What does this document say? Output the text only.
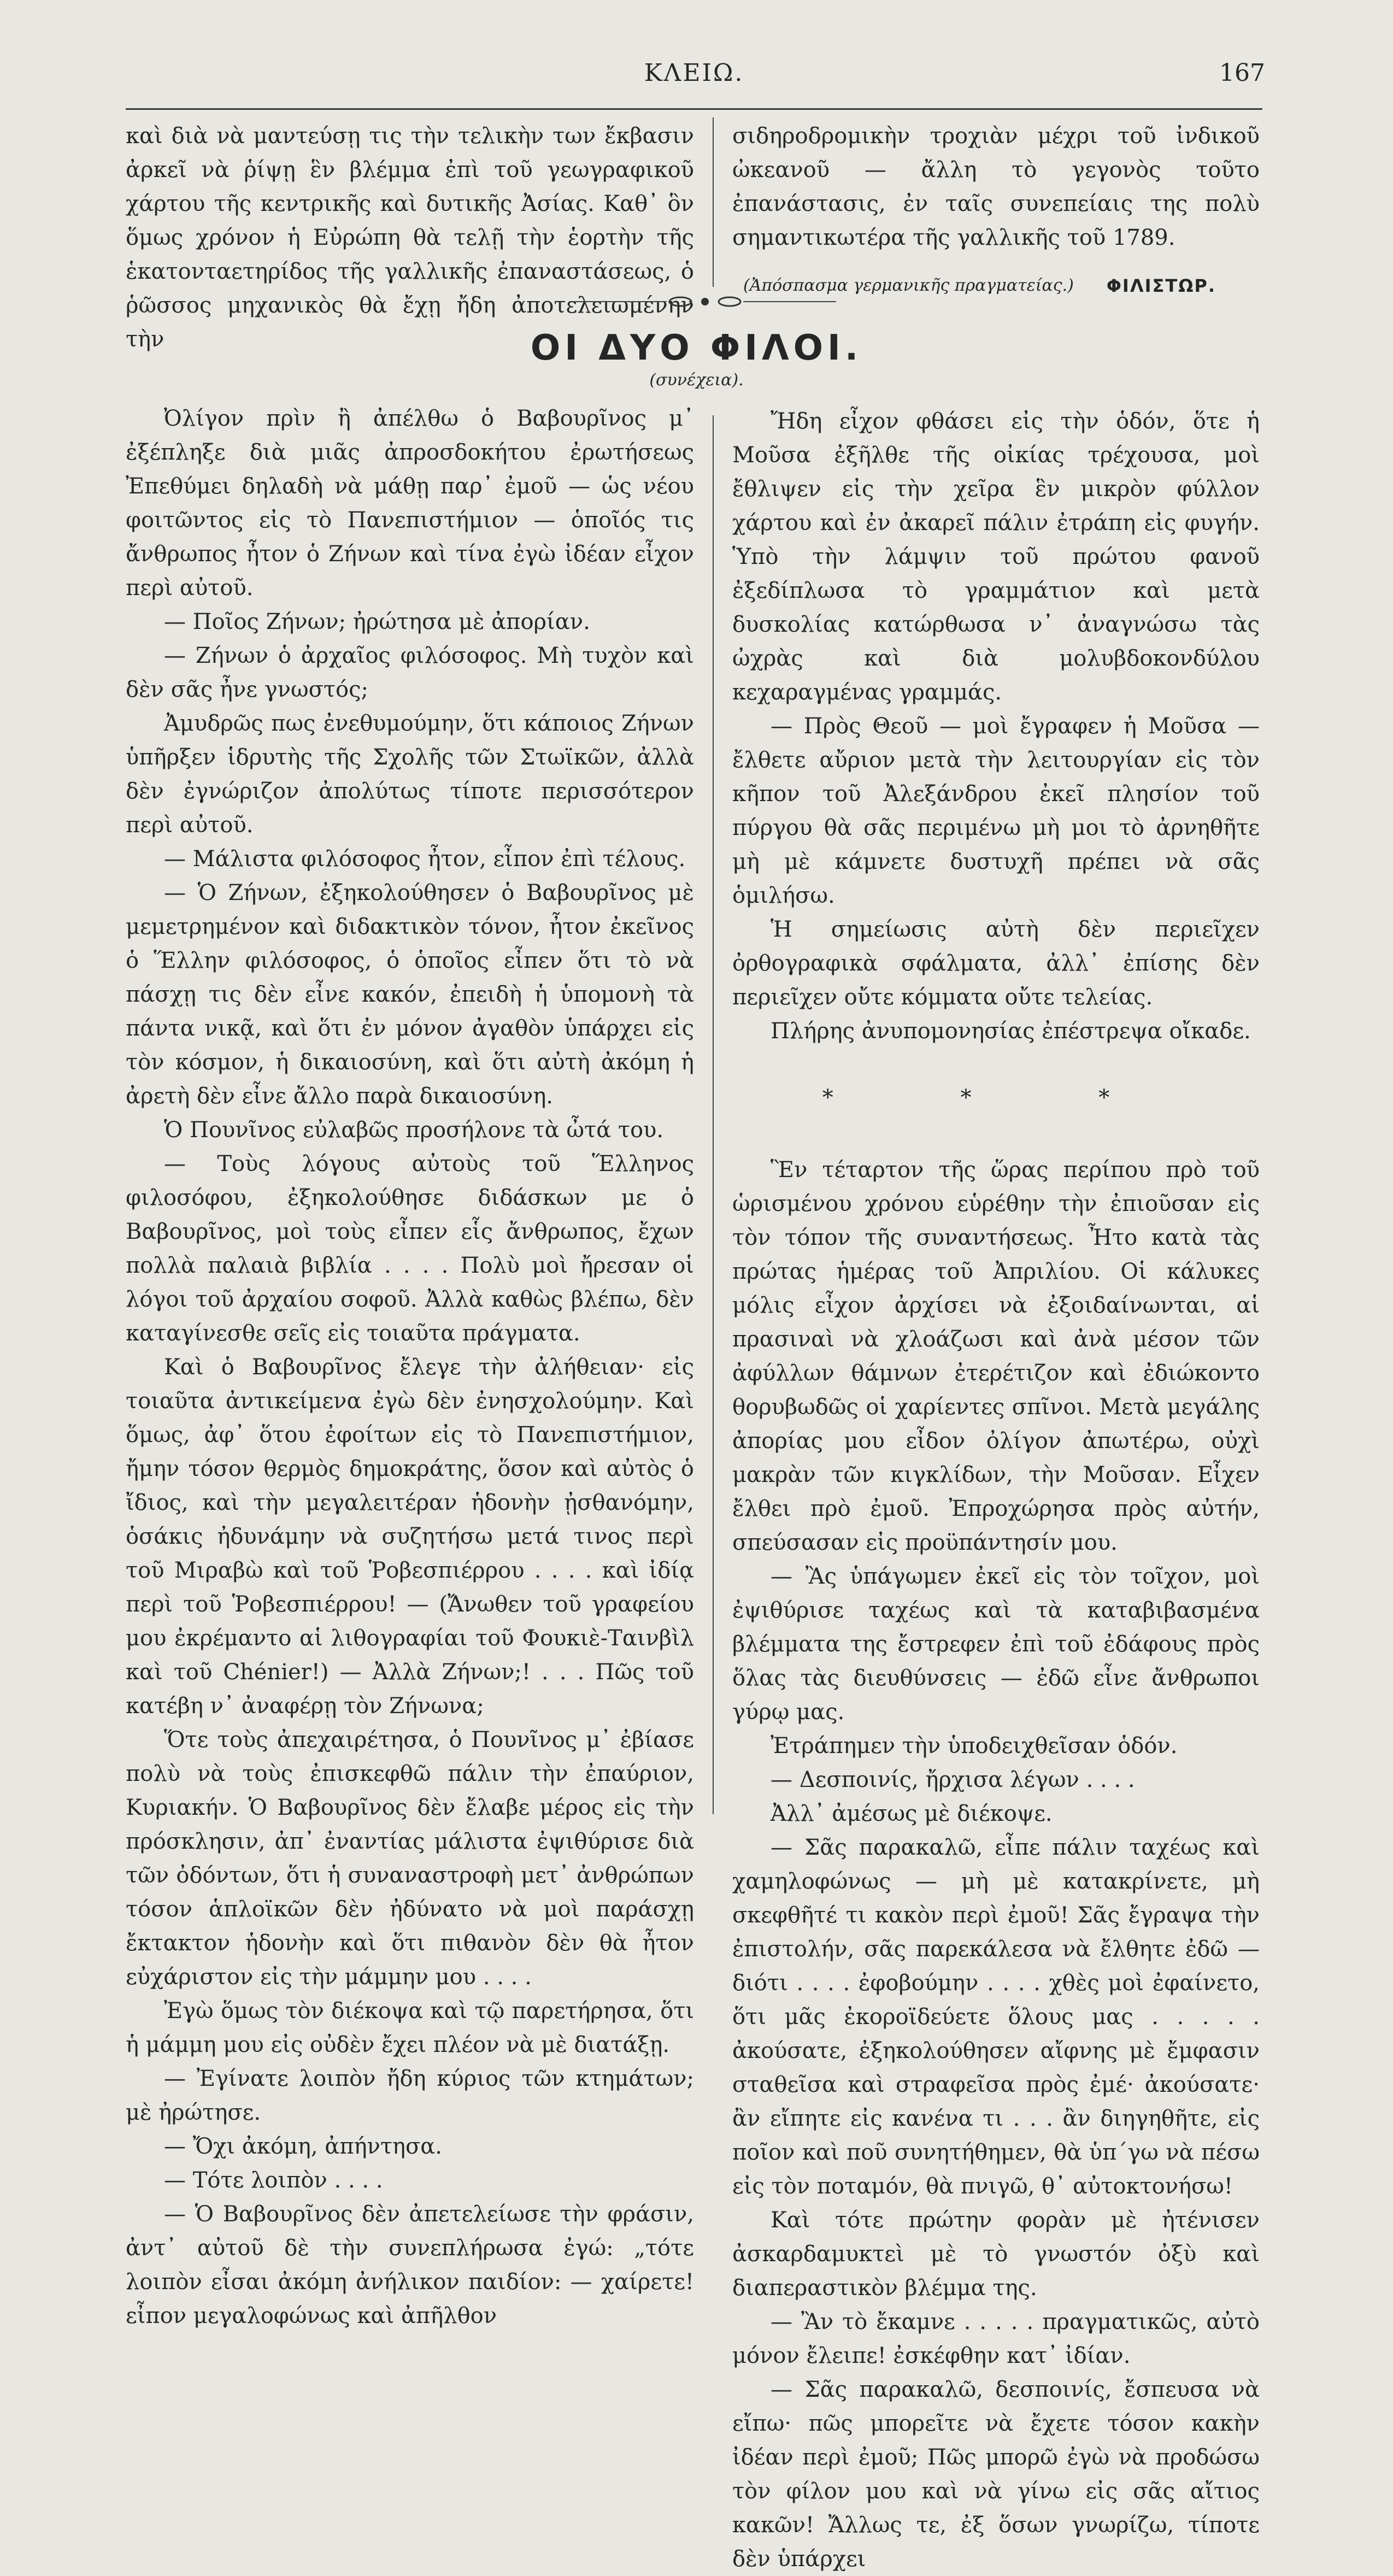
ΚΛΕΙΩ.	167

καὶ διὰ νὰ μαντεύσῃ τις τὴν τελικὴν των ἔκβασιν ἀρκεῖ νὰ ῥίψῃ ἓν βλέμμα ἐπὶ τοῦ γεωγραφικοῦ χάρτου τῆς κεντρικῆς καὶ δυτικῆς Ἀσίας. Καθ᾽ ὃν ὅμως χρόνον ἡ Εὐρώπη θὰ τελῇ τὴν ἑορτὴν τῆς ἑκατονταετηρίδος τῆς γαλλικῆς ἐπαναστάσεως, ὁ ῥῶσσος μηχανικὸς θὰ ἔχῃ ἤδη ἀποτελειωμένην τὴν

σιδηροδρομικὴν τροχιὰν μέχρι τοῦ ἰνδικοῦ ὠκεανοῦ — ἄλλη τὸ γεγονὸς τοῦτο ἐπανάστασις, ἐν ταῖς συνεπείαις της πολὺ σημαντικωτέρα τῆς γαλλικῆς τοῦ 1789.

(Ἀπόσπασμα γερμανικῆς πραγματείας.) ΦΙΛΙΣΤΩΡ.
ΟΙ ΔΥΟ ΦΙΛΟΙ.
(συνέχεια).

Ὀλίγον πρὶν ἢ ἀπέλθω ὁ Βαβουρῖνος μ᾽ ἐξέπληξε διὰ μιᾶς ἀπροσδοκήτου ἐρωτήσεως Ἐπεθύμει δηλαδὴ νὰ μάθῃ παρ᾽ ἐμοῦ — ὡς νέου φοιτῶντος εἰς τὸ Πανεπιστήμιον — ὁποῖός τις ἄνθρωπος ἦτον ὁ Ζήνων καὶ τίνα ἐγὼ ἰδέαν εἶχον περὶ αὐτοῦ.

— Ποῖος Ζήνων; ἠρώτησα μὲ ἀπορίαν.

— Ζήνων ὁ ἀρχαῖος φιλόσοφος. Μὴ τυχὸν καὶ δὲν σᾶς ἦνε γνωστός;

Ἀμυδρῶς πως ἐνεθυμούμην, ὅτι κάποιος Ζήνων ὑπῆρξεν ἱδρυτὴς τῆς Σχολῆς τῶν Στωϊκῶν, ἀλλὰ δὲν ἐγνώριζον ἀπολύτως τίποτε περισσότερον περὶ αὐτοῦ.

— Μάλιστα φιλόσοφος ἦτον, εἶπον ἐπὶ τέλους.

— Ὁ Ζήνων, ἐξηκολούθησεν ὁ Βαβουρῖνος μὲ μεμετρημένον καὶ διδακτικὸν τόνον, ἦτον ἐκεῖνος ὁ Ἕλλην φιλόσοφος, ὁ ὁποῖος εἶπεν ὅτι τὸ νὰ πάσχῃ τις δὲν εἶνε κακόν, ἐπειδὴ ἡ ὑπομονὴ τὰ πάντα νικᾷ, καὶ ὅτι ἐν μόνον ἀγαθὸν ὑπάρχει εἰς τὸν κόσμον, ἡ δικαιοσύνη, καὶ ὅτι αὐτὴ ἀκόμη ἡ ἀρετὴ δὲν εἶνε ἄλλο παρὰ δικαιοσύνη.

Ὁ Πουνῖνος εὐλαβῶς προσήλονε τὰ ὦτά του.

— Τοὺς λόγους αὐτοὺς τοῦ Ἕλληνος φιλοσόφου, ἐξηκολούθησε διδάσκων με ὁ Βαβουρῖνος, μοὶ τοὺς εἶπεν εἷς ἄνθρωπος, ἔχων πολλὰ παλαιὰ βιβλία . . . . Πολὺ μοὶ ἤρεσαν οἱ λόγοι τοῦ ἀρχαίου σοφοῦ. Ἀλλὰ καθὼς βλέπω, δὲν καταγίνεσθε σεῖς εἰς τοιαῦτα πράγματα.

Καὶ ὁ Βαβουρῖνος ἔλεγε τὴν ἀλήθειαν· εἰς τοιαῦτα ἀντικείμενα ἐγὼ δὲν ἐνησχολούμην. Καὶ ὅμως, ἀφ᾽ ὅτου ἐφοίτων εἰς τὸ Πανεπιστήμιον, ἤμην τόσον θερμὸς δημοκράτης, ὅσον καὶ αὐτὸς ὁ ἴδιος, καὶ τὴν μεγαλειτέραν ἡδονὴν ᾐσθανόμην, ὁσάκις ἠδυνάμην νὰ συζητήσω μετά τινος περὶ τοῦ Μιραβὼ καὶ τοῦ Ῥοβεσπιέρρου . . . . καὶ ἰδίᾳ περὶ τοῦ Ῥοβεσπιέρρου! — (Ἄνωθεν τοῦ γραφείου μου ἐκρέμαντο αἱ λιθογραφίαι τοῦ Φουκιὲ-Ταινβὶλ καὶ τοῦ Chénier!) — Ἀλλὰ Ζήνων;! . . . Πῶς τοῦ κατέβη ν᾽ ἀναφέρῃ τὸν Ζήνωνα;

Ὅτε τοὺς ἀπεχαιρέτησα, ὁ Πουνῖνος μ᾽ ἐβίασε πολὺ νὰ τοὺς ἐπισκεφθῶ πάλιν τὴν ἐπαύριον, Κυριακήν. Ὁ Βαβουρῖνος δὲν ἔλαβε μέρος εἰς τὴν πρόσκλησιν, ἀπ᾽ ἐναντίας μάλιστα ἐψιθύρισε διὰ τῶν ὀδόντων, ὅτι ἡ συναναστροφὴ μετ᾽ ἀνθρώπων τόσον ἁπλοϊκῶν δὲν ἠδύνατο νὰ μοὶ παράσχῃ ἔκτακτον ἡδονὴν καὶ ὅτι πιθανὸν δὲν θὰ ἦτον εὐχάριστον εἰς τὴν μάμμην μου . . . .

Ἐγὼ ὅμως τὸν διέκοψα καὶ τῷ παρετήρησα, ὅτι ἡ μάμμη μου εἰς οὐδὲν ἔχει πλέον νὰ μὲ διατάξῃ.

— Ἐγίνατε λοιπὸν ἤδη κύριος τῶν κτημάτων; μὲ ἠρώτησε.

— Ὄχι ἀκόμη, ἀπήντησα.

— Τότε λοιπὸν . . . .

— Ὁ Βαβουρῖνος δὲν ἀπετελείωσε τὴν φράσιν, ἀντ᾽ αὐτοῦ δὲ τὴν συνεπλήρωσα ἐγώ: „τότε λοιπὸν εἶσαι ἀκόμη ἀνήλικον παιδίον: — χαίρετε! εἶπον μεγαλοφώνως καὶ ἀπῆλθον

Ἤδη εἶχον φθάσει εἰς τὴν ὁδόν, ὅτε ἡ Μοῦσα ἐξῆλθε τῆς οἰκίας τρέχουσα, μοὶ ἔθλιψεν εἰς τὴν χεῖρα ἓν μικρὸν φύλλον χάρτου καὶ ἐν ἀκαρεῖ πάλιν ἐτράπη εἰς φυγήν. Ὑπὸ τὴν λάμψιν τοῦ πρώτου φανοῦ ἐξεδίπλωσα τὸ γραμμάτιον καὶ μετὰ δυσκολίας κατώρθωσα ν᾽ ἀναγνώσω τὰς ὠχρὰς καὶ διὰ μολυβδοκονδύλου κεχαραγμένας γραμμάς.

— Πρὸς Θεοῦ — μοὶ ἔγραφεν ἡ Μοῦσα — ἔλθετε αὔριον μετὰ τὴν λειτουργίαν εἰς τὸν κῆπον τοῦ Ἀλεξάνδρου ἐκεῖ πλησίον τοῦ πύργου θὰ σᾶς περιμένω μὴ μοι τὸ ἀρνηθῆτε μὴ μὲ κάμνετε δυστυχῆ πρέπει νὰ σᾶς ὁμιλήσω.

Ἡ σημείωσις αὐτὴ δὲν περιεῖχεν ὀρθογραφικὰ σφάλματα, ἀλλ᾽ ἐπίσης δὲν περιεῖχεν οὔτε κόμματα οὔτε τελείας.

Πλήρης ἀνυπομονησίας ἐπέστρεψα οἴκαδε.

* * *

Ἓν τέταρτον τῆς ὥρας περίπου πρὸ τοῦ ὡρισμένου χρόνου εὑρέθην τὴν ἐπιοῦσαν εἰς τὸν τόπον τῆς συναντήσεως. Ἦτο κατὰ τὰς πρώτας ἡμέρας τοῦ Ἀπριλίου. Οἱ κάλυκες μόλις εἶχον ἀρχίσει νὰ ἐξοιδαίνωνται, αἱ πρασιναὶ νὰ χλοάζωσι καὶ ἀνὰ μέσον τῶν ἀφύλλων θάμνων ἐτερέτιζον καὶ ἐδιώκοντο θορυβωδῶς οἱ χαρίεντες σπῖνοι. Μετὰ μεγάλης ἀπορίας μου εἶδον ὀλίγον ἀπωτέρω, οὐχὶ μακρὰν τῶν κιγκλίδων, τὴν Μοῦσαν. Εἶχεν ἔλθει πρὸ ἐμοῦ. Ἐπροχώρησα πρὸς αὐτήν, σπεύσασαν εἰς προϋπάντησίν μου.

— Ἂς ὑπάγωμεν ἐκεῖ εἰς τὸν τοῖχον, μοὶ ἐψιθύρισε ταχέως καὶ τὰ καταβιβασμένα βλέμματα της ἔστρεφεν ἐπὶ τοῦ ἐδάφους πρὸς ὅλας τὰς διευθύνσεις — ἐδῶ εἶνε ἄνθρωποι γύρῳ μας.

Ἐτράπημεν τὴν ὑποδειχθεῖσαν ὁδόν.

— Δεσποινίς, ἤρχισα λέγων . . . .

Ἀλλ᾽ ἀμέσως μὲ διέκοψε.

— Σᾶς παρακαλῶ, εἶπε πάλιν ταχέως καὶ χαμηλοφώνως — μὴ μὲ κατακρίνετε, μὴ σκεφθῆτέ τι κακὸν περὶ ἐμοῦ! Σᾶς ἔγραψα τὴν ἐπιστολήν, σᾶς παρεκάλεσα νὰ ἔλθητε ἐδῶ — διότι . . . . ἐφοβούμην . . . . χθὲς μοὶ ἐφαίνετο, ὅτι μᾶς ἐκοροϊδεύετε ὅλους μας . . . . . ἀκούσατε, ἐξηκολούθησεν αἴφνης μὲ ἔμφασιν σταθεῖσα καὶ στραφεῖσα πρὸς ἐμέ· ἀκούσατε· ἂν εἴπητε εἰς κανένα τι . . . ἂν διηγηθῆτε, εἰς ποῖον καὶ ποῦ συνητήθημεν, θὰ ὑπ΄γω νὰ πέσω εἰς τὸν ποταμόν, θὰ πνιγῶ, θ᾽ αὐτοκτονήσω!

Καὶ τότε πρώτην φορὰν μὲ ἠτένισεν ἀσκαρδαμυκτεὶ μὲ τὸ γνωστόν ὀξὺ καὶ διαπεραστικὸν βλέμμα της.

— Ἂν τὸ ἔκαμνε . . . . . πραγματικῶς, αὐτὸ μόνον ἔλειπε! ἐσκέφθην κατ᾽ ἰδίαν.

— Σᾶς παρακαλῶ, δεσποινίς, ἔσπευσα νὰ εἴπω· πῶς μπορεῖτε νὰ ἔχετε τόσον κακὴν ἰδέαν περὶ ἐμοῦ; Πῶς μπορῶ ἐγὼ νὰ προδώσω τὸν φίλον μου καὶ νὰ γίνω εἰς σᾶς αἴτιος κακῶν! Ἄλλως τε, ἐξ ὅσων γνωρίζω, τίποτε δὲν ὑπάρχει
